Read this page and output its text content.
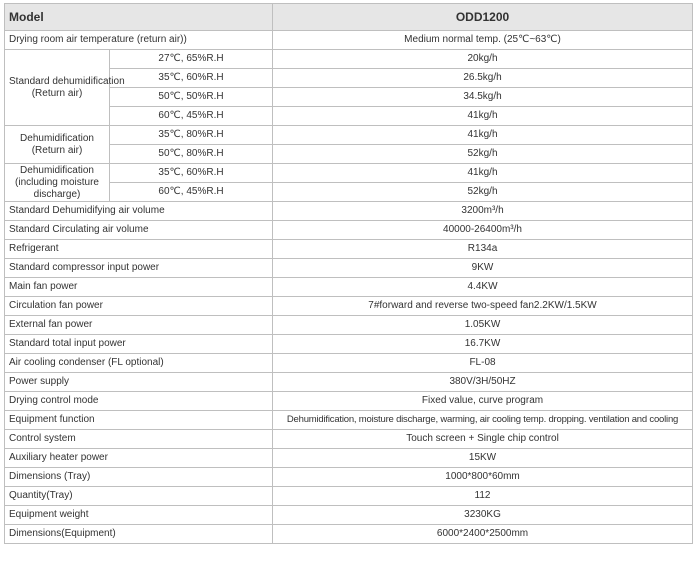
Model		ODD1200
Drying room air temperature (return air))		Medium normal temp. (25℃~63℃)
Standard dehumidification
(Return air)	27℃, 65%R.H	20kg/h
	35℃, 60%R.H	26.5kg/h
	50℃, 50%R.H	34.5kg/h
	60℃, 45%R.H	41kg/h
Dehumidification
(Return air)	35℃, 80%R.H	41kg/h
	50℃, 80%R.H	52kg/h
Dehumidification
(including moisture
discharge)	35℃, 60%R.H	41kg/h
	60℃, 45%R.H	52kg/h
Standard Dehumidifying air volume		3200m³/h
Standard Circulating air volume		40000-26400m³/h
Refrigerant		R134a
Standard compressor input power		9KW
Main fan power		4.4KW
Circulation fan power		7#forward and reverse two-speed fan2.2KW/1.5KW
External fan power		1.05KW
Standard total input power		16.7KW
Air cooling condenser (FL optional)		FL-08
Power supply		380V/3H/50HZ
Drying control mode		Fixed value, curve program
Equipment function		Dehumidification, moisture discharge, warming, air cooling temp. dropping. ventilation and cooling
Control system		Touch screen + Single chip control
Auxiliary heater power		15KW
Dimensions (Tray)		1000*800*60mm
Quantity(Tray)		112
Equipment weight		3230KG
Dimensions(Equipment)		6000*2400*2500mm
